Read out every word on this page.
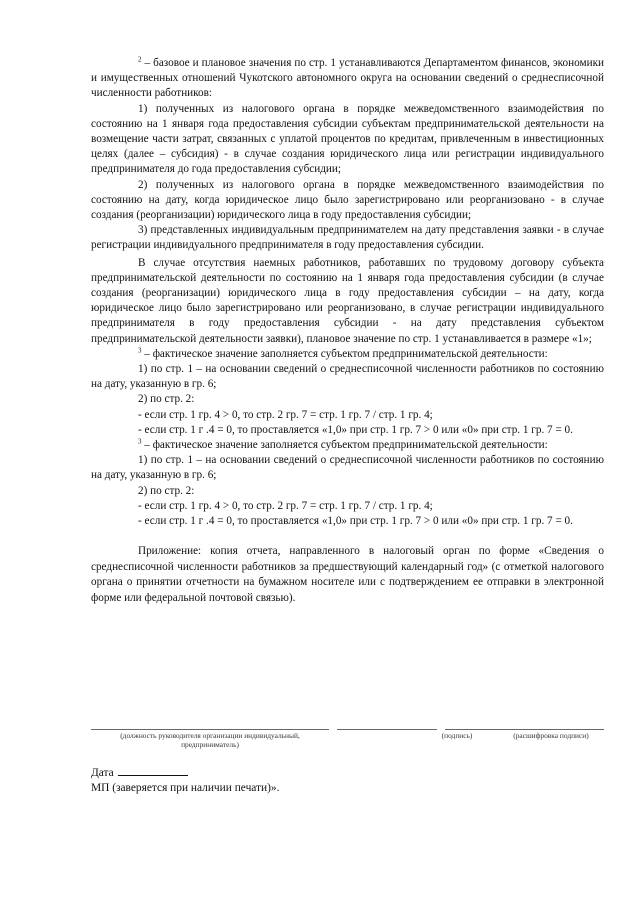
$^2$ – базовое и плановое значения по стр. 1 устанавливаются Департаментом финансов, экономики и имущественных отношений Чукотского автономного округа на основании сведений о среднесписочной численности работников:

1) полученных из налогового органа в порядке межведомственного взаимодействия по состоянию на 1 января года предоставления субсидии субъектам предпринимательской деятельности на возмещение части затрат, связанных с уплатой процентов по кредитам, привлеченным в инвестиционных целях (далее – субсидия) - в случае создания юридического лица или регистрации индивидуального предпринимателя до года предоставления субсидии;

2) полученных из налогового органа в порядке межведомственного взаимодействия по состоянию на дату, когда юридическое лицо было зарегистрировано или реорганизовано - в случае создания (реорганизации) юридического лица в году предоставления субсидии;

3) представленных индивидуальным предпринимателем на дату представления заявки - в случае регистрации индивидуального предпринимателя в году предоставления субсидии.

В случае отсутствия наемных работников, работавших по трудовому договору субъекта предпринимательской деятельности по состоянию на 1 января года предоставления субсидии (в случае создания (реорганизации) юридического лица в году предоставления субсидии – на дату, когда юридическое лицо было зарегистрировано или реорганизовано, в случае регистрации индивидуального предпринимателя в году предоставления субсидии - на дату представления субъектом предпринимательской деятельности заявки), плановое значение по стр. 1 устанавливается в размере «1»;

$^3$ – фактическое значение заполняется субъектом предпринимательской деятельности:

1) по стр. 1 – на основании сведений о среднесписочной численности работников по состоянию на дату, указанную в гр. 6;

2) по стр. 2:

- если стр. 1 гр. 4 > 0, то стр. 2 гр. 7 = стр. 1 гр. 7 / стр. 1 гр. 4;

- если стр. 1 г .4 = 0, то проставляется «1,0» при стр. 1 гр. 7 > 0 или «0» при стр. 1 гр. 7 = 0.

$^3$ – фактическое значение заполняется субъектом предпринимательской деятельности:

1) по стр. 1 – на основании сведений о среднесписочной численности работников по состоянию на дату, указанную в гр. 6;

2) по стр. 2:

- если стр. 1 гр. 4 > 0, то стр. 2 гр. 7 = стр. 1 гр. 7 / стр. 1 гр. 4;

- если стр. 1 г .4 = 0, то проставляется «1,0» при стр. 1 гр. 7 > 0 или «0» при стр. 1 гр. 7 = 0.

Приложение: копия отчета, направленного в налоговый орган по форме «Сведения о среднесписочной численности работников за предшествующий календарный год» (с отметкой налогового органа о принятии отчетности на бумажном носителе или с подтверждением ее отправки в электронной форме или федеральной почтовой связью).

(должность руководителя организации индивидуальный,
предприниматель)
(подпись)	(расшифровка подписи)

Дата

МП (заверяется при наличии печати)».
